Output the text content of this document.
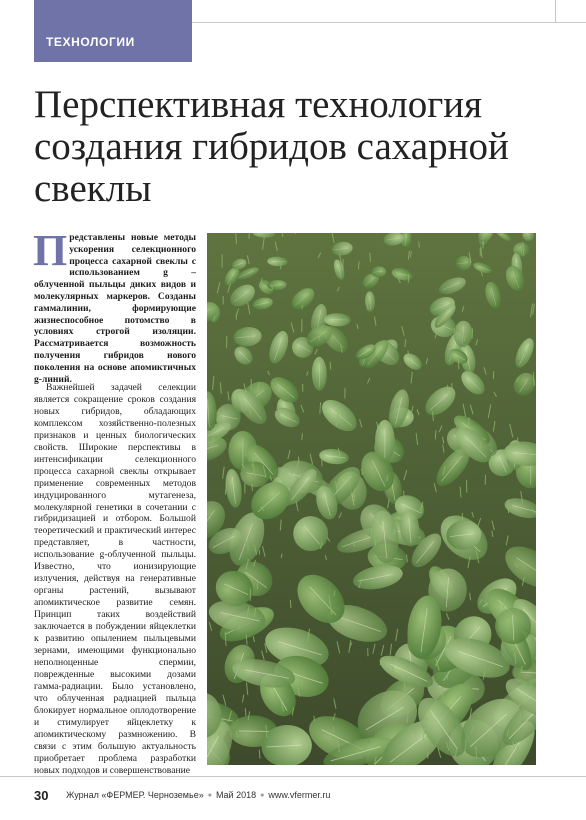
ТЕХНОЛОГИИ
Перспективная технология создания гибридов сахарной свеклы

Представлены новые методы ускорения селекционного процесса сахарной свеклы с использованием g – облученной пыльцы диких видов и молекулярных маркеров. Созданы гаммалинии, формирующие жизнеспособное потомство в условиях строгой изоляции. Рассматривается возможность получения гибридов нового поколения на основе апомиктичных g-линий.

Важнейшей задачей селекции является сокращение сроков создания новых гибридов, обладающих комплексом хозяйственно-полезных признаков и ценных биологических свойств. Широкие перспективы в интенсификации селекционного процесса сахарной свеклы открывает применение современных методов индуцированного мутагенеза, молекулярной генетики в сочетании с гибридизацией и отбором. Большой теоретический и практический интерес представляет, в частности, использование g-облученной пыльцы. Известно, что ионизирующие излучения, действуя на генеративные органы растений, вызывают апомиктическое развитие семян. Принцип таких воздействий заключается в побуждении яйцеклетки к развитию опылением пыльцевыми зернами, имеющими функционально неполноценные спермии, поврежденные высокими дозами гамма-радиации. Было установлено, что облученная радиацией пыльца блокирует нормальное оплодотворение и стимулирует яйцеклетку к апомиктическому размножению. В связи с этим большую актуальность приобретает проблема разработки новых подходов и совершенствование

30 Журнал «ФЕРМЕР. Черноземье» ● Май 2018 ● www.vfermer.ru
